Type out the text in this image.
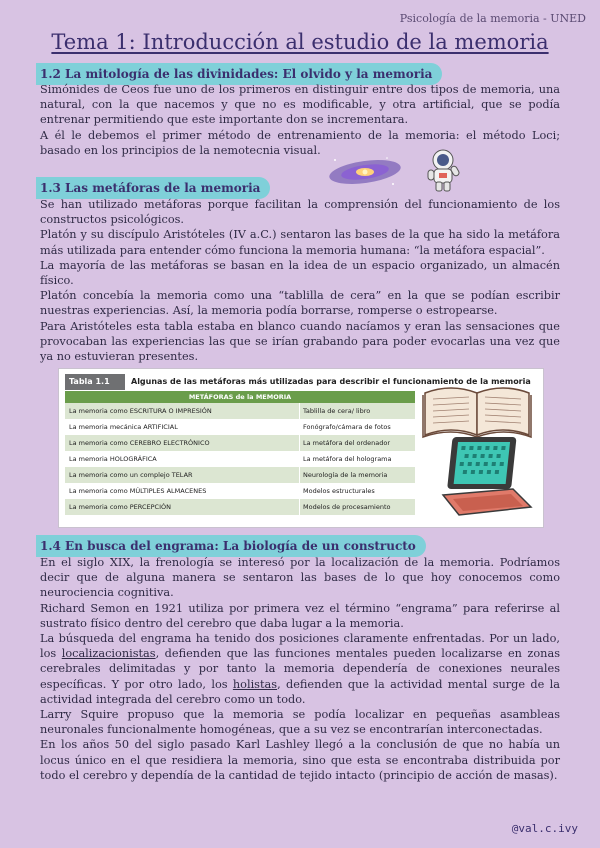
Psicología de la memoria - UNED
Tema 1: Introducción al estudio de la memoria
1.2 La mitología de las divinidades: El olvido y la memoria

Simónides de Ceos fue uno de los primeros en distinguir entre dos tipos de memoria, una natural, con la que nacemos y que no es modificable, y otra artificial, que se podía entrenar permitiendo que este importante don se incrementara.

A él le debemos el primer método de entrenamiento de la memoria: el método Loci; basado en los principios de la nemotecnia visual.

1.3 Las metáforas de la memoria

Se han utilizado metáforas porque facilitan la comprensión del funcionamiento de los constructos psicológicos.

Platón y su discípulo Aristóteles (IV a.C.) sentaron las bases de la que ha sido la metáfora más utilizada para entender cómo funciona la memoria humana: “la metáfora espacial”.

La mayoría de las metáforas se basan en la idea de un espacio organizado, un almacén físico.

Platón concebía la memoria como una “tablilla de cera” en la que se podían escribir nuestras experiencias. Así, la memoria podía borrarse, romperse o estropearse.

Para Aristóteles esta tabla estaba en blanco cuando nacíamos y eran las sensaciones que provocaban las experiencias las que se irían grabando para poder evocarlas una vez que ya no estuvieran presentes.

Tabla 1.1	Algunas de las metáforas más utilizadas para describir el funcionamiento de la memoria
METÁFORAS de la MEMORIA
La memoria como ESCRITURA O IMPRESIÓN	Tablilla de cera/ libro
La memoria mecánica ARTIFICIAL	Fonógrafo/cámara de fotos
La memoria como CEREBRO ELECTRÓNICO	La metáfora del ordenador
La memoria HOLOGRÁFICA	La metáfora del holograma
La memoria como un complejo TELAR	Neurología de la memoria
La memoria como MÚLTIPLES ALMACENES	Modelos estructurales
La memoria como PERCEPCIÓN	Modelos de procesamiento
1.4 En busca del engrama: La biología de un constructo

En el siglo XIX, la frenología se interesó por la localización de la memoria. Podríamos decir que de alguna manera se sentaron las bases de lo que hoy conocemos como neurociencia cognitiva.

Richard Semon en 1921 utiliza por primera vez el término “engrama” para referirse al sustrato físico dentro del cerebro que daba lugar a la memoria.

La búsqueda del engrama ha tenido dos posiciones claramente enfrentadas. Por un lado, los localizacionistas, defienden que las funciones mentales pueden localizarse en zonas cerebrales delimitadas y por tanto la memoria dependería de conexiones neurales específicas. Y por otro lado, los holistas, defienden que la actividad mental surge de la actividad integrada del cerebro como un todo.

Larry Squire propuso que la memoria se podía localizar en pequeñas asambleas neuronales funcionalmente homogéneas, que a su vez se encontrarían interconectadas.

En los años 50 del siglo pasado Karl Lashley llegó a la conclusión de que no había un locus único en el que residiera la memoria, sino que esta se encontraba distribuida por todo el cerebro y dependía de la cantidad de tejido intacto (principio de acción de masas).

@val.c.ivy
